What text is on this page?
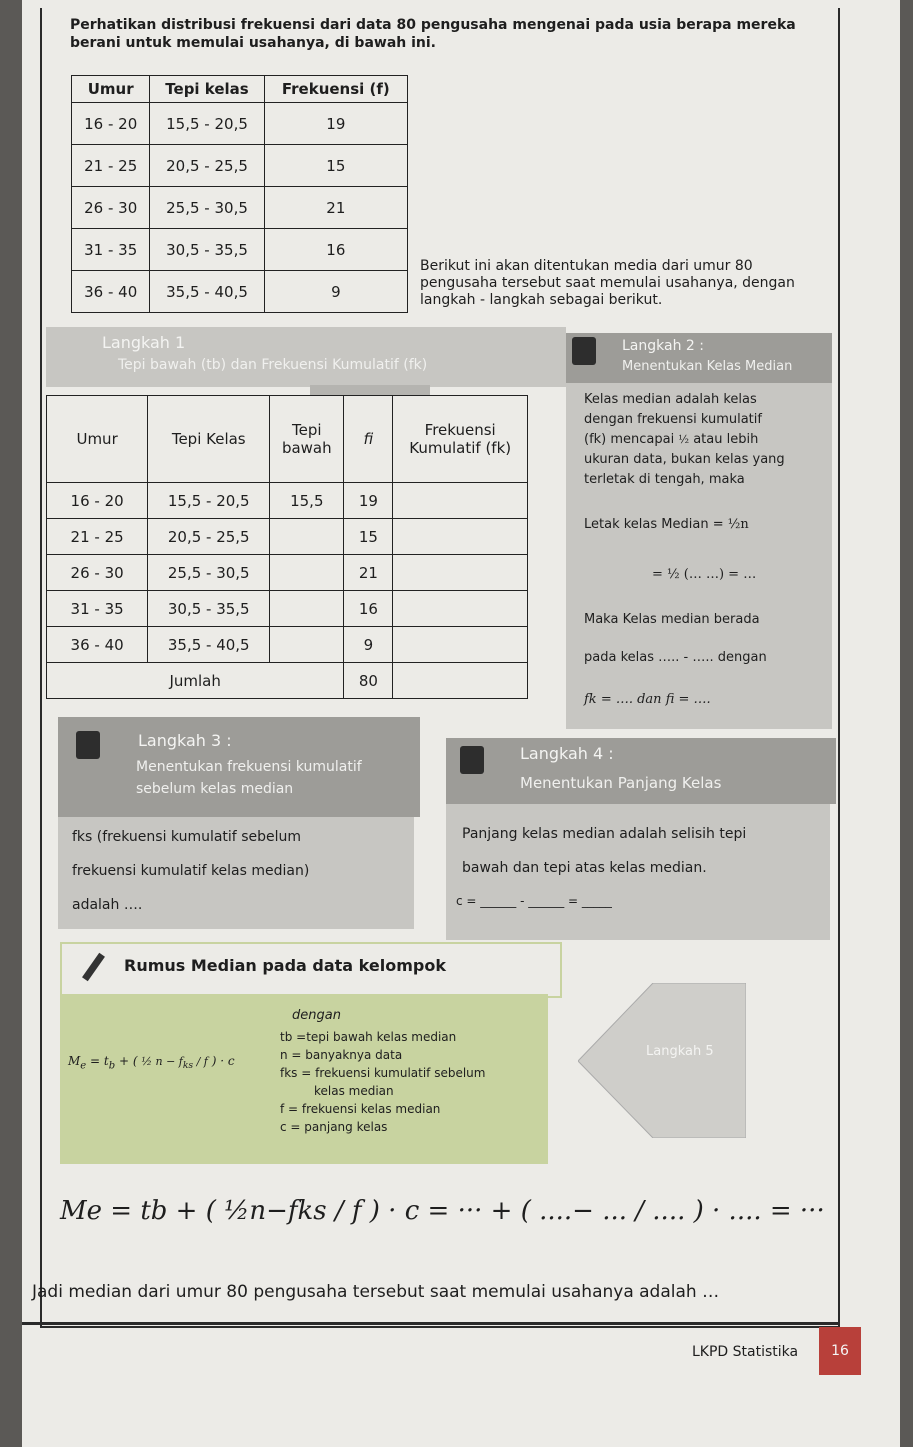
Perhatikan distribusi frekuensi dari data 80 pengusaha mengenai pada usia berapa mereka
berani untuk memulai usahanya, di bawah ini.
Umur	Tepi kelas	Frekuensi (f)
16 - 20	15,5 - 20,5	19
21 - 25	20,5 - 25,5	15
26 - 30	25,5 - 30,5	21
31 - 35	30,5 - 35,5	16
36 - 40	35,5 - 40,5	9
Berikut ini akan ditentukan media dari umur 80
pengusaha tersebut saat memulai usahanya, dengan
langkah - langkah sebagai berikut.
Langkah 1
Tepi bawah (tb) dan Frekuensi Kumulatif (fk)
Umur	Tepi Kelas	Tepi bawah	fi	Frekuensi Kumulatif (fk)
16 - 20	15,5 - 20,5	15,5	19	
21 - 25	20,5 - 25,5		15	
26 - 30	25,5 - 30,5		21	
31 - 35	30,5 - 35,5		16	
36 - 40	35,5 - 40,5		9	
Jumlah			80	
Langkah 2 :
Menentukan Kelas Median
Kelas median adalah kelas
dengan frekuensi kumulatif
(fk) mencapai ½ atau lebih
ukuran data, bukan kelas yang
terletak di tengah, maka
Letak kelas Median = ½n
= ½ (… …) = …
Maka Kelas median berada
pada kelas ….. - ….. dengan
fk = …. dan fi = ….
Langkah 3 :
Menentukan frekuensi kumulatif
sebelum kelas median
fks (frekuensi kumulatif sebelum
frekuensi kumulatif kelas median)
adalah ….
Langkah 4 :
Menentukan Panjang Kelas
Panjang kelas median adalah selisih tepi
bawah dan tepi atas kelas median.
c = ______ - ______ = _____
Rumus Median pada data kelompok
$M_e = t_b$ + ( ½ $n - f_{ks} / f$ ) · c
dengan
tb =tepi bawah kelas median
n = banyaknya data
fks = frekuensi kumulatif sebelum
kelas median
f = frekuensi kelas median
c = panjang kelas
Langkah 5
Me = tb + ( ½n−fks / f ) · c = ··· + ( ....− ... / .... ) · .... = ···
Jadi median dari umur 80 pengusaha tersebut saat memulai usahanya adalah …
LKPD Statistika	16
